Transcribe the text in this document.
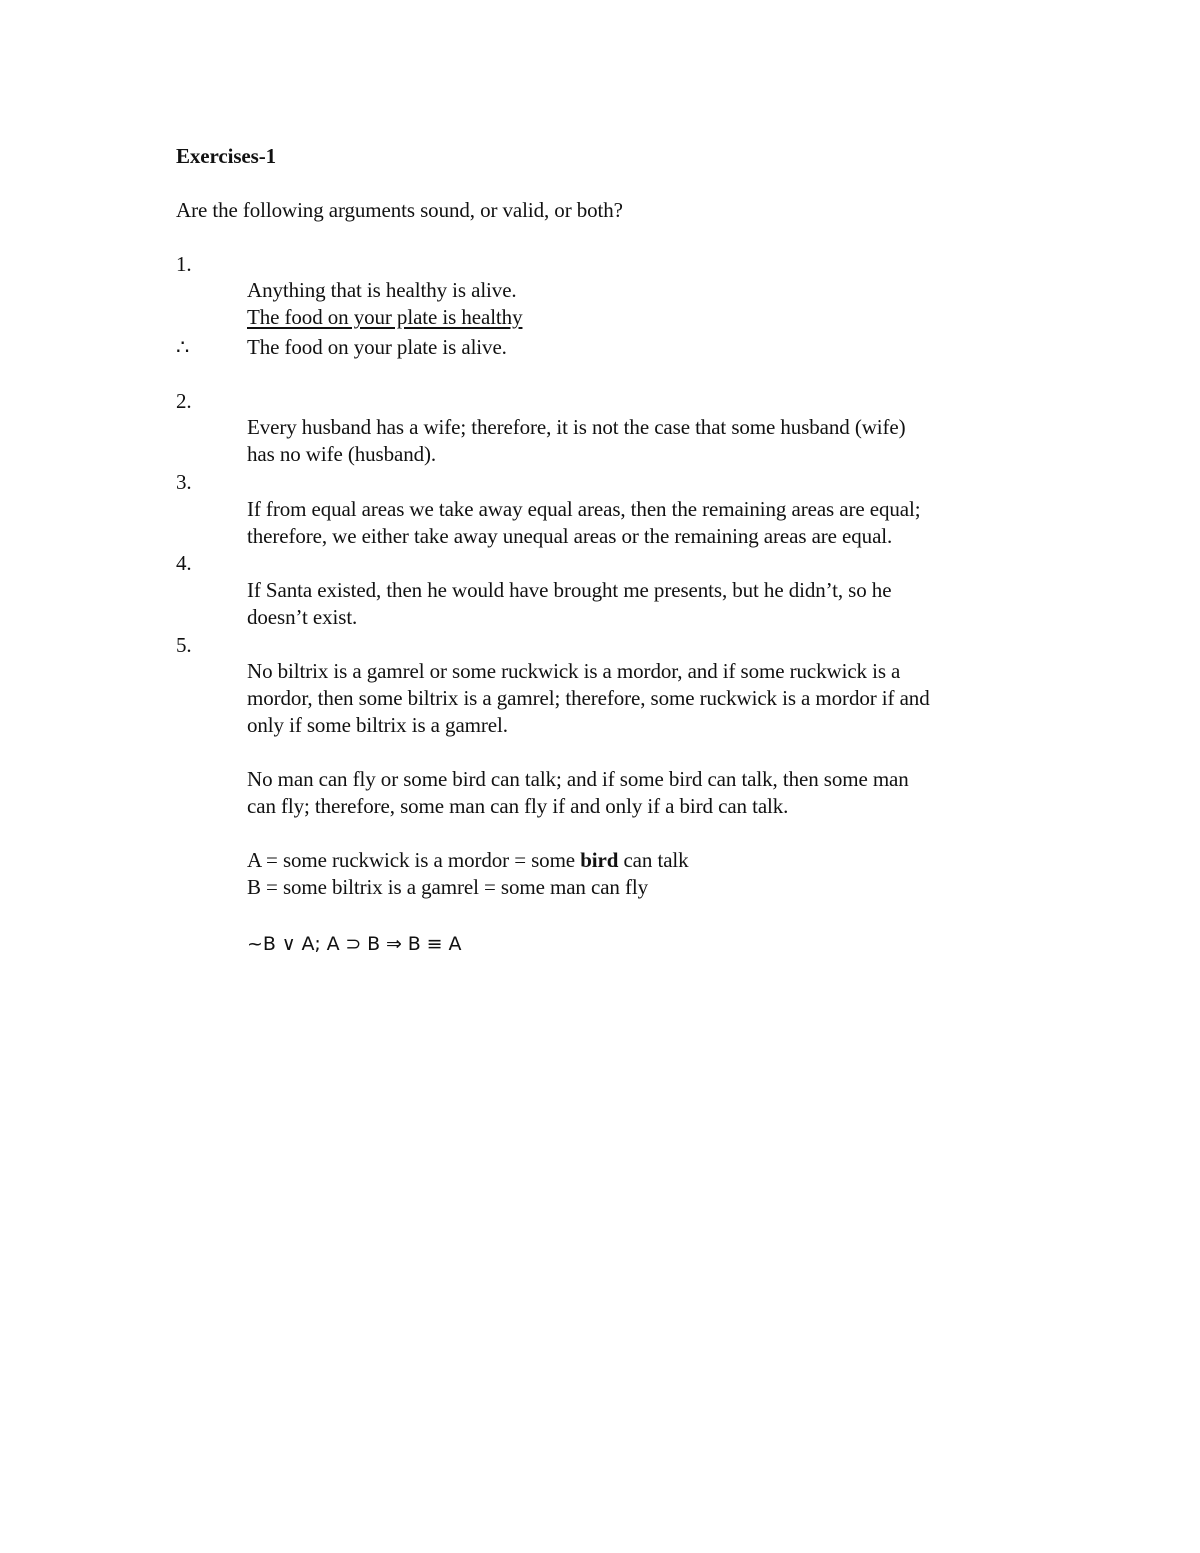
Exercises-1
Are the following arguments sound, or valid, or both?
1.
Anything that is healthy is alive.
The food on your plate is healthy
∴	The food on your plate is alive.
2.
Every husband has a wife; therefore, it is not the case that some husband (wife)
has no wife (husband).
3.
If from equal areas we take away equal areas, then the remaining areas are equal;
therefore, we either take away unequal areas or the remaining areas are equal.
4.
If Santa existed, then he would have brought me presents, but he didn’t, so he
doesn’t exist.
5.
No biltrix is a gamrel or some ruckwick is a mordor, and if some ruckwick is a
mordor, then some biltrix is a gamrel; therefore, some ruckwick is a mordor if and
only if some biltrix is a gamrel.
No man can fly or some bird can talk; and if some bird can talk, then some man
can fly; therefore, some man can fly if and only if a bird can talk.
A = some ruckwick is a mordor = some bird can talk
B = some biltrix is a gamrel = some man can fly
~B ∨ A; A ⊃ B ⇒ B ≡ A
